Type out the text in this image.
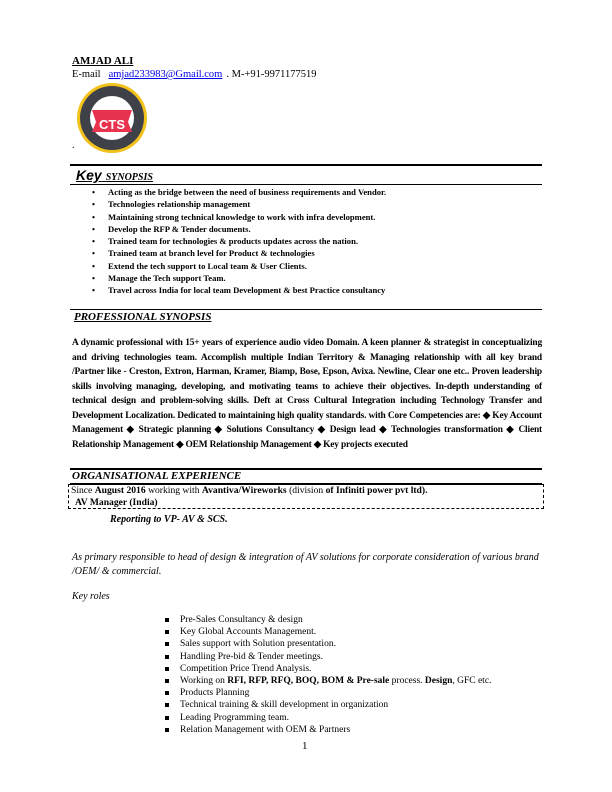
AMJAD ALI
E-mail amjad233983@Gmail.com . M-+91-9971177519
CTS
.
Key SYNOPSIS
• Acting as the bridge between the need of business requirements and Vendor.
• Technologies relationship management
• Maintaining strong technical knowledge to work with infra development.
• Develop the RFP & Tender documents.
• Trained team for technologies & products updates across the nation.
• Trained team at branch level for Product & technologies
• Extend the tech support to Local team & User Clients.
• Manage the Tech support Team.
• Travel across India for local team Development & best Practice consultancy
PROFESSIONAL SYNOPSIS
A dynamic professional with 15+ years of experience audio video Domain. A keen planner & strategist in conceptualizing and driving technologies team. Accomplish multiple Indian Territory & Managing relationship with all key brand /Partner like - Creston, Extron, Harman, Kramer, Biamp, Bose, Epson, Avixa. Newline, Clear one etc.. Proven leadership skills involving managing, developing, and motivating teams to achieve their objectives. In-depth understanding of technical design and problem-solving skills. Deft at Cross Cultural Integration including Technology Transfer and Development Localization. Dedicated to maintaining high quality standards. with Core Competencies are: ◆ Key Account Management ◆ Strategic planning ◆ Solutions Consultancy ◆ Design lead ◆ Technologies transformation ◆ Client Relationship Management ◆ OEM Relationship Management ◆ Key projects executed
ORGANISATIONAL EXPERIENCE
Since August 2016 working with Avantiva/Wireworks (division of Infiniti power pvt ltd).
AV Manager (India)
Reporting to VP- AV & SCS.
As primary responsible to head of design & integration of AV solutions for corporate consideration of various brand /OEM/ & commercial.
Key roles
Pre-Sales Consultancy & design
Key Global Accounts Management.
Sales support with Solution presentation.
Handling Pre-bid & Tender meetings.
Competition Price Trend Analysis.
Working on RFI, RFP, RFQ, BOQ, BOM & Pre-sale process. Design, GFC etc.
Products Planning
Technical training & skill development in organization
Leading Programming team.
Relation Management with OEM & Partners
1
